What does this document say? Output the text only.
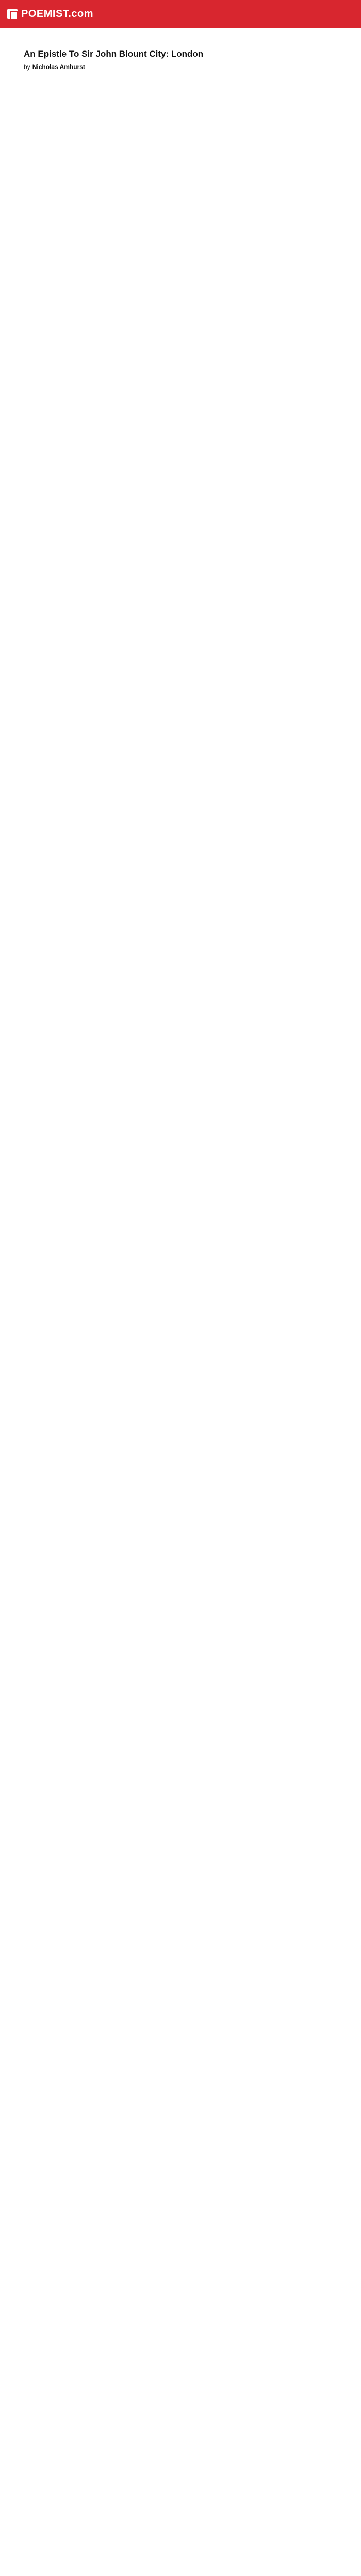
POEMIST.com
An Epistle To Sir John Blount City: London

by Nicholas Amhurst
